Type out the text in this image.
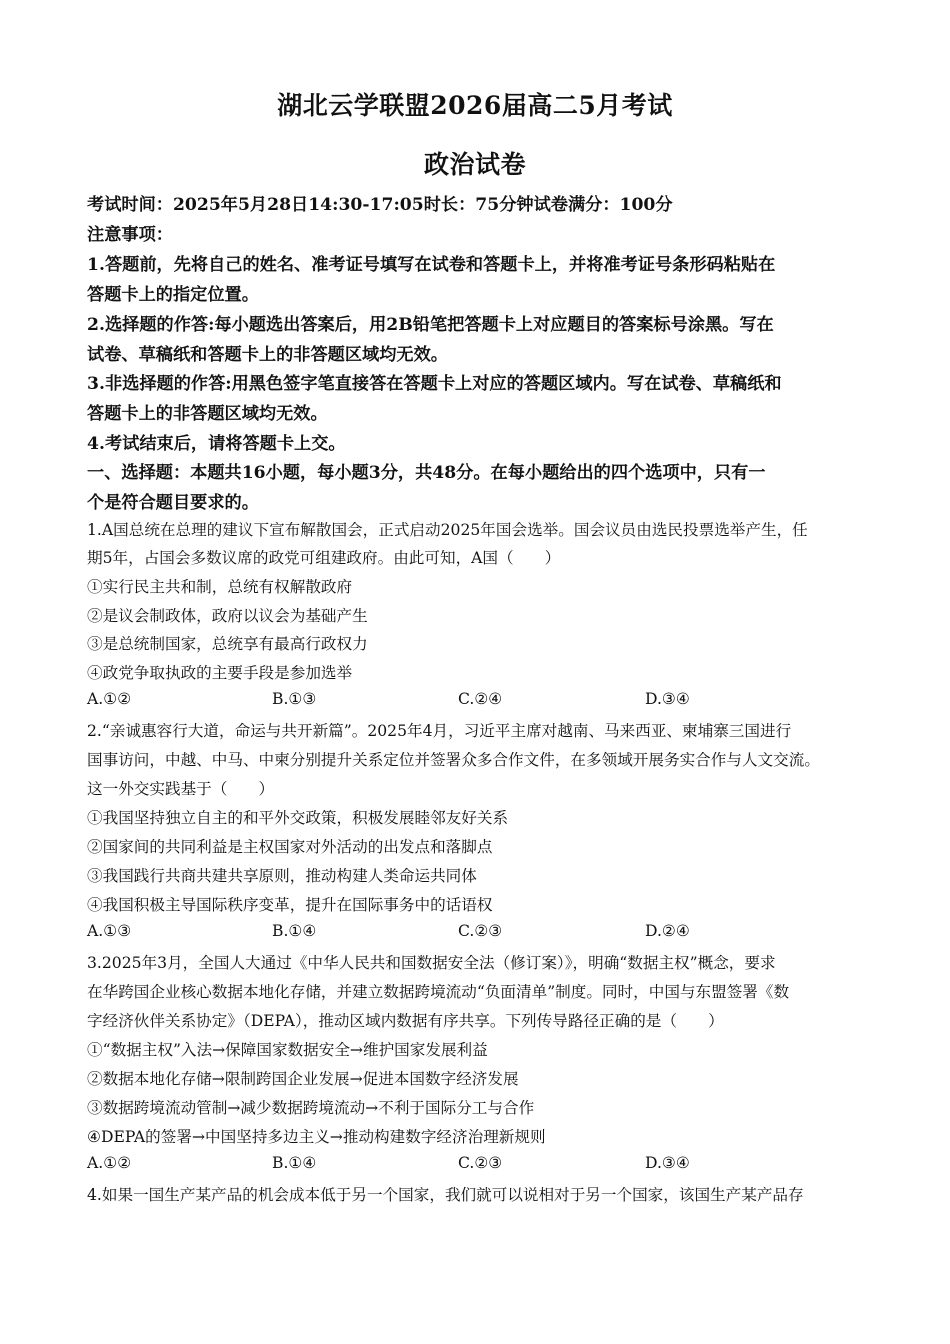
湖北云学联盟2026届高二5月考试
政治试卷
考试时间：2025年5月28日14:30-17:05时长：75分钟试卷满分：100分
注意事项：
1.答题前，先将自己的姓名、准考证号填写在试卷和答题卡上，并将准考证号条形码粘贴在
答题卡上的指定位置。
2.选择题的作答:每小题选出答案后，用2B铅笔把答题卡上对应题目的答案标号涂黑。写在
试卷、草稿纸和答题卡上的非答题区域均无效。
3.非选择题的作答:用黑色签字笔直接答在答题卡上对应的答题区域内。写在试卷、草稿纸和
答题卡上的非答题区域均无效。
4.考试结束后，请将答题卡上交。
一、选择题：本题共16小题，每小题3分，共48分。在每小题给出的四个选项中，只有一
个是符合题目要求的。
1.A国总统在总理的建议下宣布解散国会，正式启动2025年国会选举。国会议员由选民投票选举产生，任
期5年，占国会多数议席的政党可组建政府。由此可知，A国（　　）
①实行民主共和制，总统有权解散政府
②是议会制政体，政府以议会为基础产生
③是总统制国家，总统享有最高行政权力
④政党争取执政的主要手段是参加选举
A.①②	B.①③	C.②④	D.③④
2.“亲诚惠容行大道，命运与共开新篇”。2025年4月，习近平主席对越南、马来西亚、柬埔寨三国进行
国事访问，中越、中马、中柬分别提升关系定位并签署众多合作文件，在多领域开展务实合作与人文交流。
这一外交实践基于（　　）
①我国坚持独立自主的和平外交政策，积极发展睦邻友好关系
②国家间的共同利益是主权国家对外活动的出发点和落脚点
③我国践行共商共建共享原则，推动构建人类命运共同体
④我国积极主导国际秩序变革，提升在国际事务中的话语权
A.①③	B.①④	C.②③	D.②④
3.2025年3月，全国人大通过《中华人民共和国数据安全法（修订案）》，明确“数据主权”概念，要求
在华跨国企业核心数据本地化存储，并建立数据跨境流动“负面清单”制度。同时，中国与东盟签署《数
字经济伙伴关系协定》（DEPA），推动区域内数据有序共享。下列传导路径正确的是（　　）
①“数据主权”入法→保障国家数据安全→维护国家发展利益
②数据本地化存储→限制跨国企业发展→促进本国数字经济发展
③数据跨境流动管制→减少数据跨境流动→不利于国际分工与合作
④DEPA的签署→中国坚持多边主义→推动构建数字经济治理新规则
A.①②	B.①④	C.②③	D.③④
4.如果一国生产某产品的机会成本低于另一个国家，我们就可以说相对于另一个国家，该国生产某产品存
